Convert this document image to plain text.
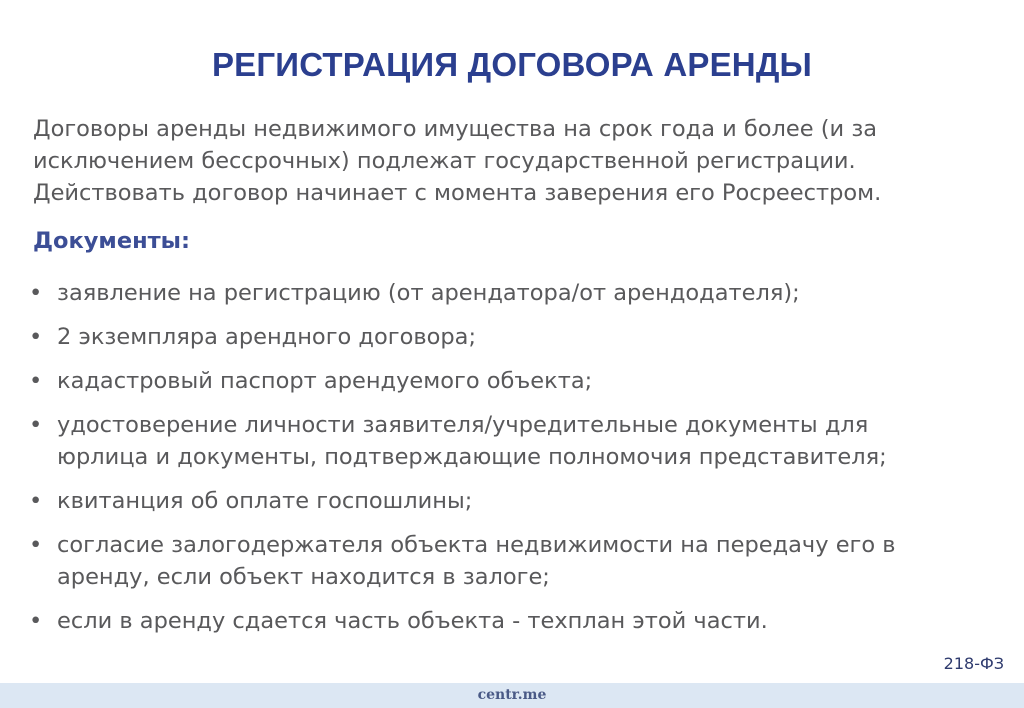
РЕГИСТРАЦИЯ ДОГОВОРА АРЕНДЫ
Договоры аренды недвижимого имущества на срок года и более (и за
исключением бессрочных) подлежат государственной регистрации.
Действовать договор начинает с момента заверения его Росреестром.
Документы:
• заявление на регистрацию (от арендатора/от арендодателя);
• 2 экземпляра арендного договора;
• кадастровый паспорт арендуемого объекта;
• удостоверение личности заявителя/учредительные документы для
юрлица и документы, подтверждающие полномочия представителя;
• квитанция об оплате госпошлины;
• согласие залогодержателя объекта недвижимости на передачу его в
аренду, если объект находится в залоге;
• если в аренду сдается часть объекта - техплан этой части.
218-ФЗ
centr.me
